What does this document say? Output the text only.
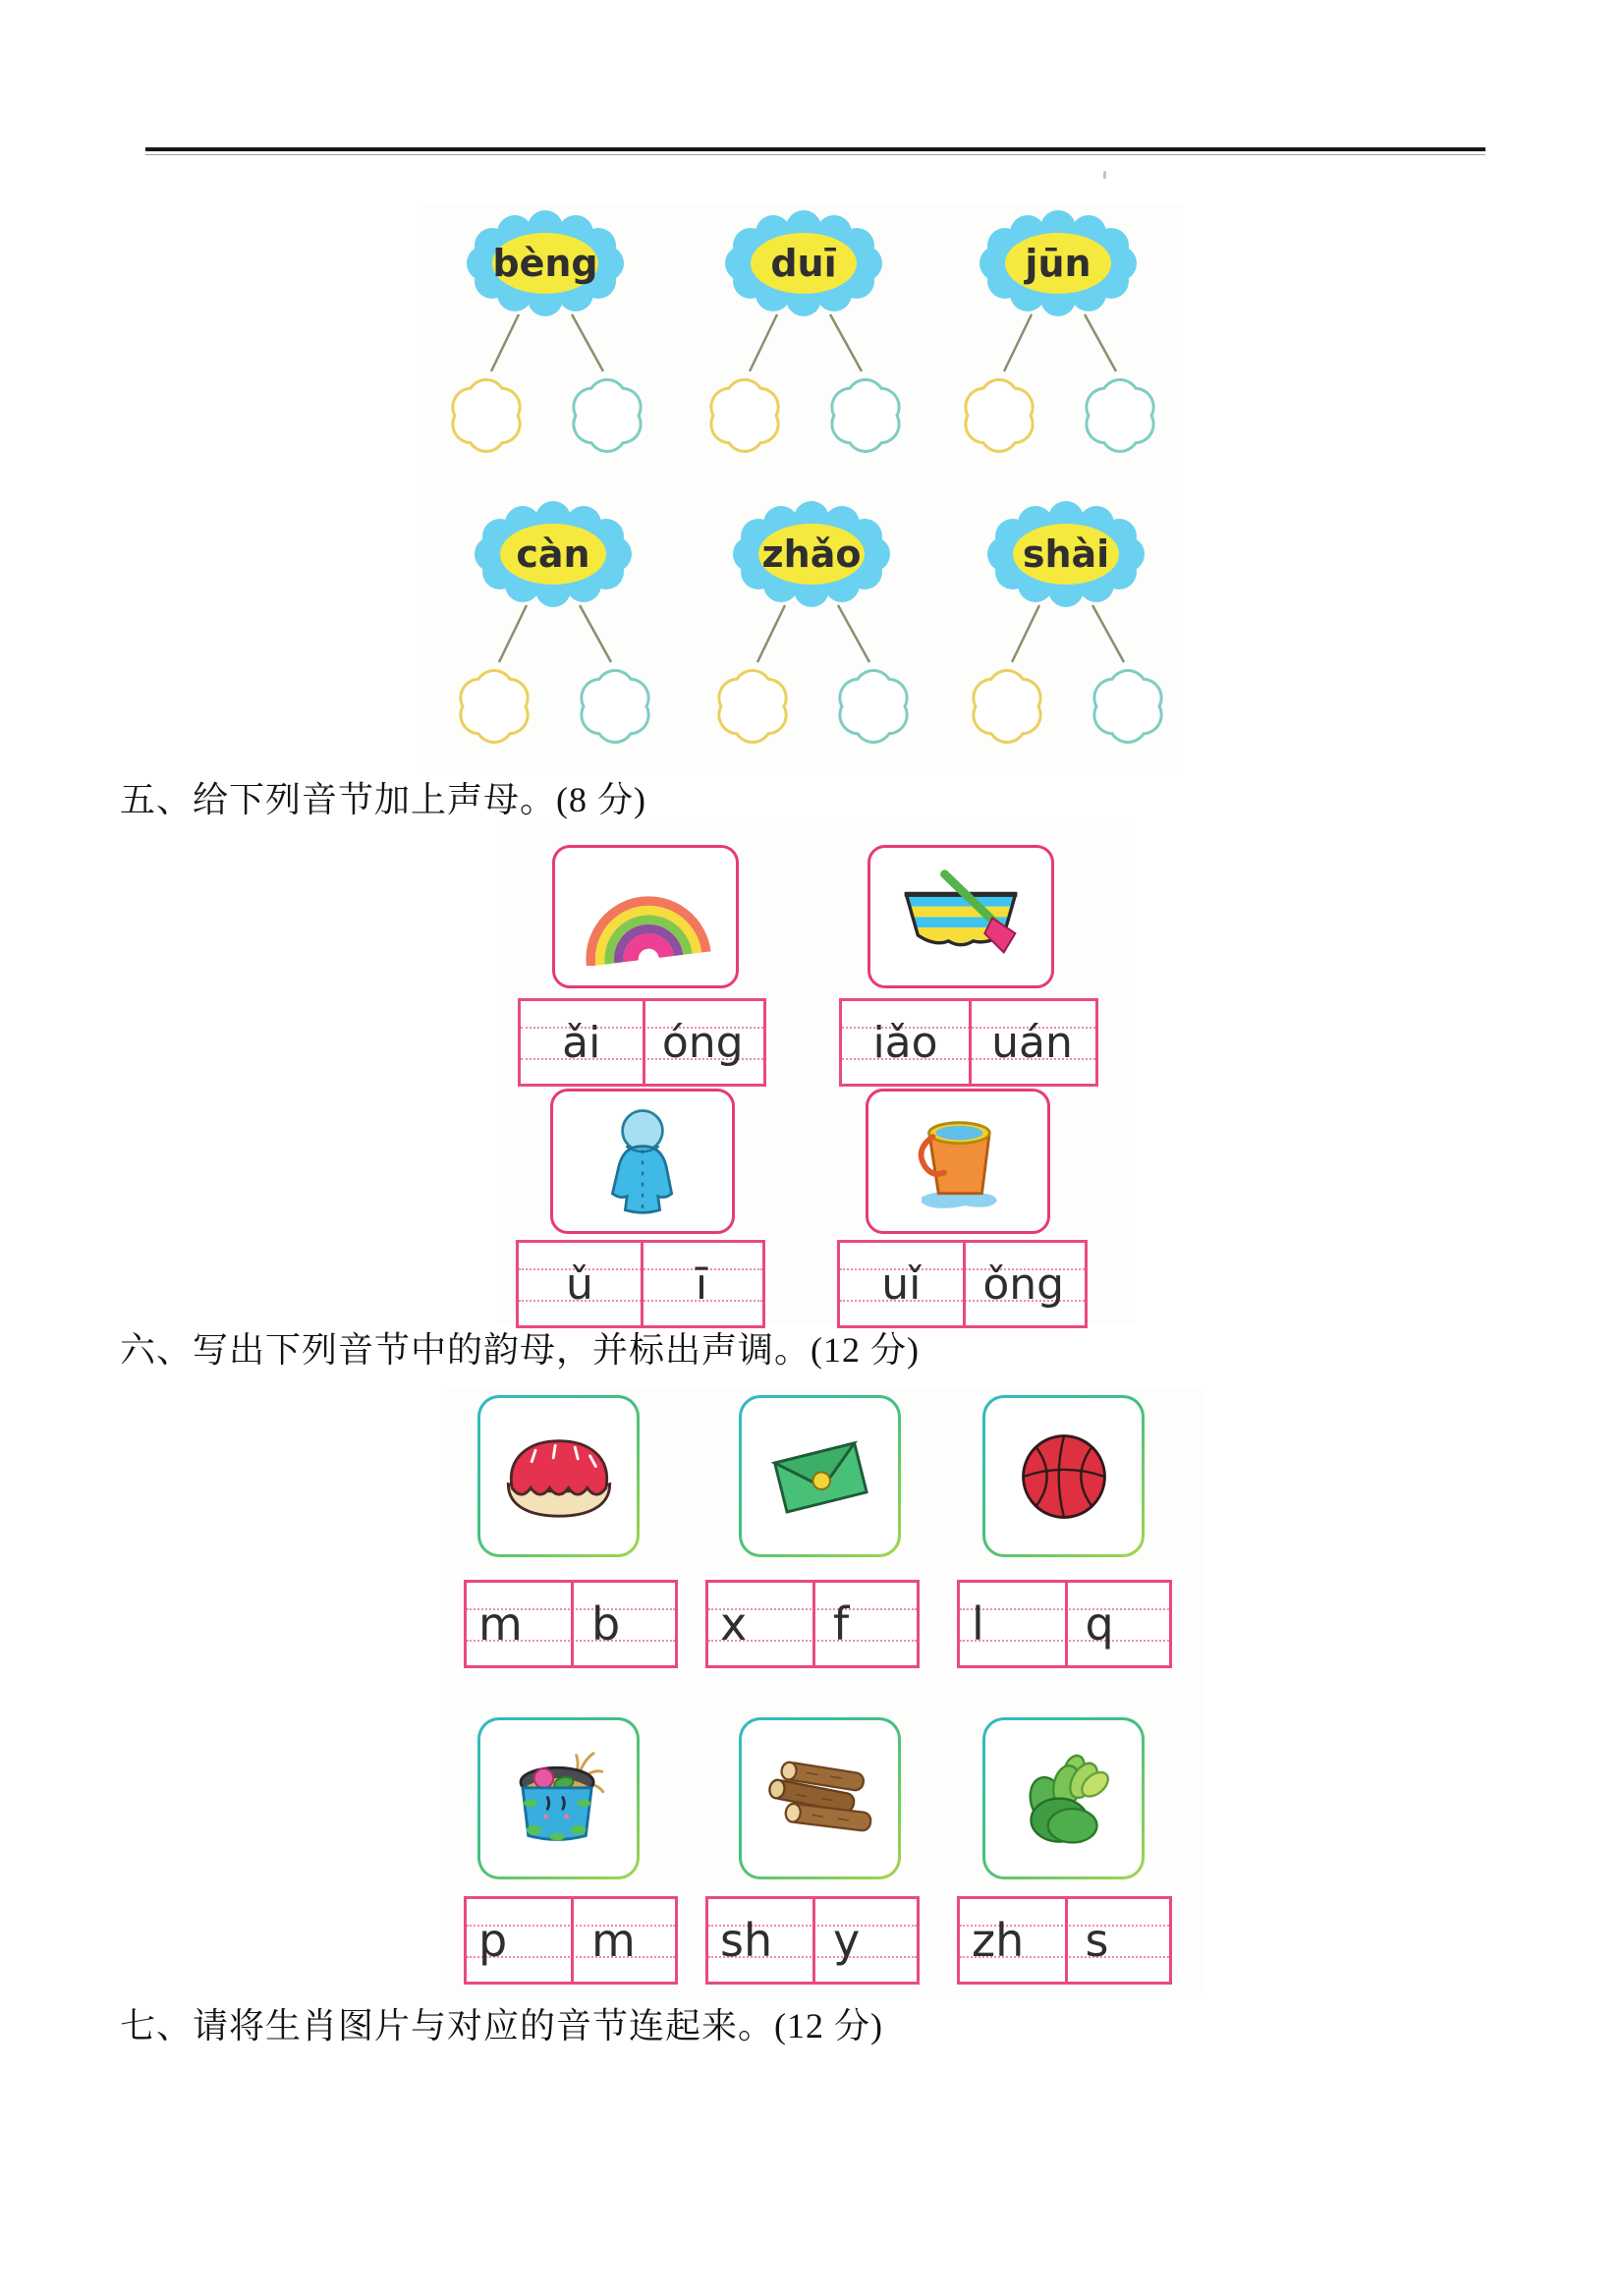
bèng	duī	jūn
càn	zhǎo	shài
五、给下列音节加上声母。(8 分)
ǎi	óng	iǎo	uán
ǔ	ī	uǐ	ǒng
六、写出下列音节中的韵母，并标出声调。(12 分)
m	b	x	f	l	q
p	m	sh	y	zh	s
七、请将生肖图片与对应的音节连起来。(12 分)
